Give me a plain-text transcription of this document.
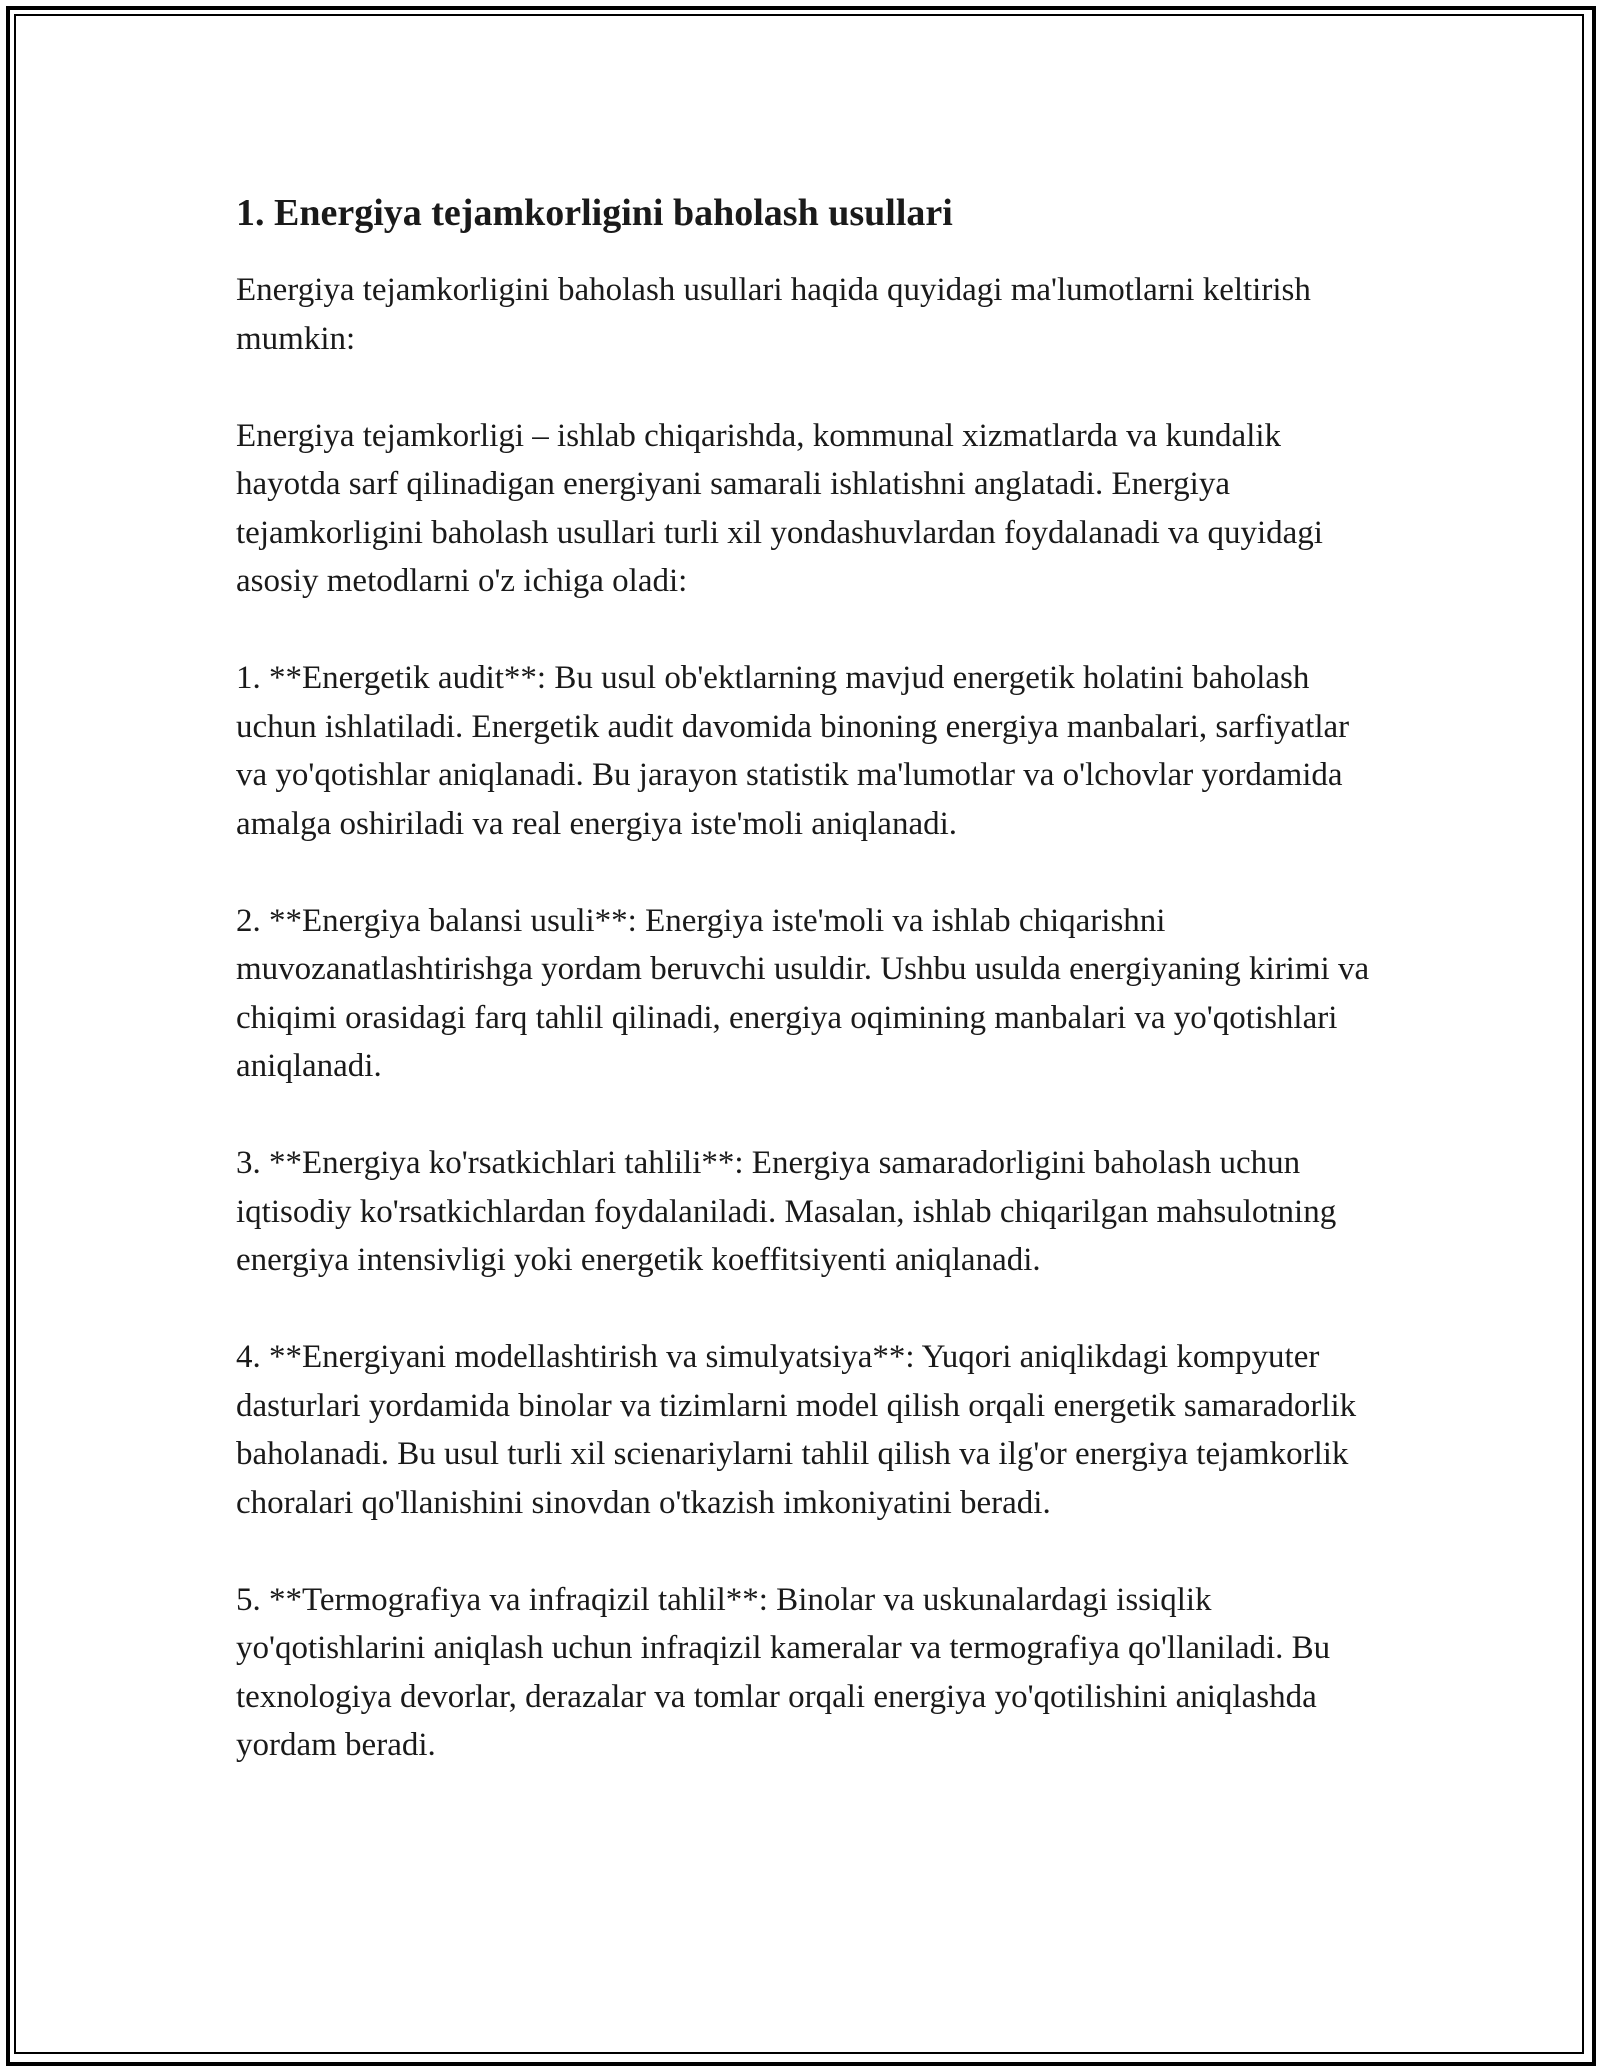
1. Energiya tejamkorligini baholash usullari

Energiya tejamkorligini baholash usullari haqida quyidagi ma'lumotlarni keltirish mumkin:

Energiya tejamkorligi – ishlab chiqarishda, kommunal xizmatlarda va kundalik hayotda sarf qilinadigan energiyani samarali ishlatishni anglatadi. Energiya tejamkorligini baholash usullari turli xil yondashuvlardan foydalanadi va quyidagi asosiy metodlarni o'z ichiga oladi:

1. **Energetik audit**: Bu usul ob'ektlarning mavjud energetik holatini baholash uchun ishlatiladi. Energetik audit davomida binoning energiya manbalari, sarfiyatlar va yo'qotishlar aniqlanadi. Bu jarayon statistik ma'lumotlar va o'lchovlar yordamida amalga oshiriladi va real energiya iste'moli aniqlanadi.

2. **Energiya balansi usuli**: Energiya iste'moli va ishlab chiqarishni muvozanatlashtirishga yordam beruvchi usuldir. Ushbu usulda energiyaning kirimi va chiqimi orasidagi farq tahlil qilinadi, energiya oqimining manbalari va yo'qotishlari aniqlanadi.

3. **Energiya ko'rsatkichlari tahlili**: Energiya samaradorligini baholash uchun iqtisodiy ko'rsatkichlardan foydalaniladi. Masalan, ishlab chiqarilgan mahsulotning energiya intensivligi yoki energetik koeffitsiyenti aniqlanadi.

4. **Energiyani modellashtirish va simulyatsiya**: Yuqori aniqlikdagi kompyuter dasturlari yordamida binolar va tizimlarni model qilish orqali energetik samaradorlik baholanadi. Bu usul turli xil scienariylarni tahlil qilish va ilg'or energiya tejamkorlik choralari qo'llanishini sinovdan o'tkazish imkoniyatini beradi.

5. **Termografiya va infraqizil tahlil**: Binolar va uskunalardagi issiqlik yo'qotishlarini aniqlash uchun infraqizil kameralar va termografiya qo'llaniladi. Bu texnologiya devorlar, derazalar va tomlar orqali energiya yo'qotilishini aniqlashda yordam beradi.
